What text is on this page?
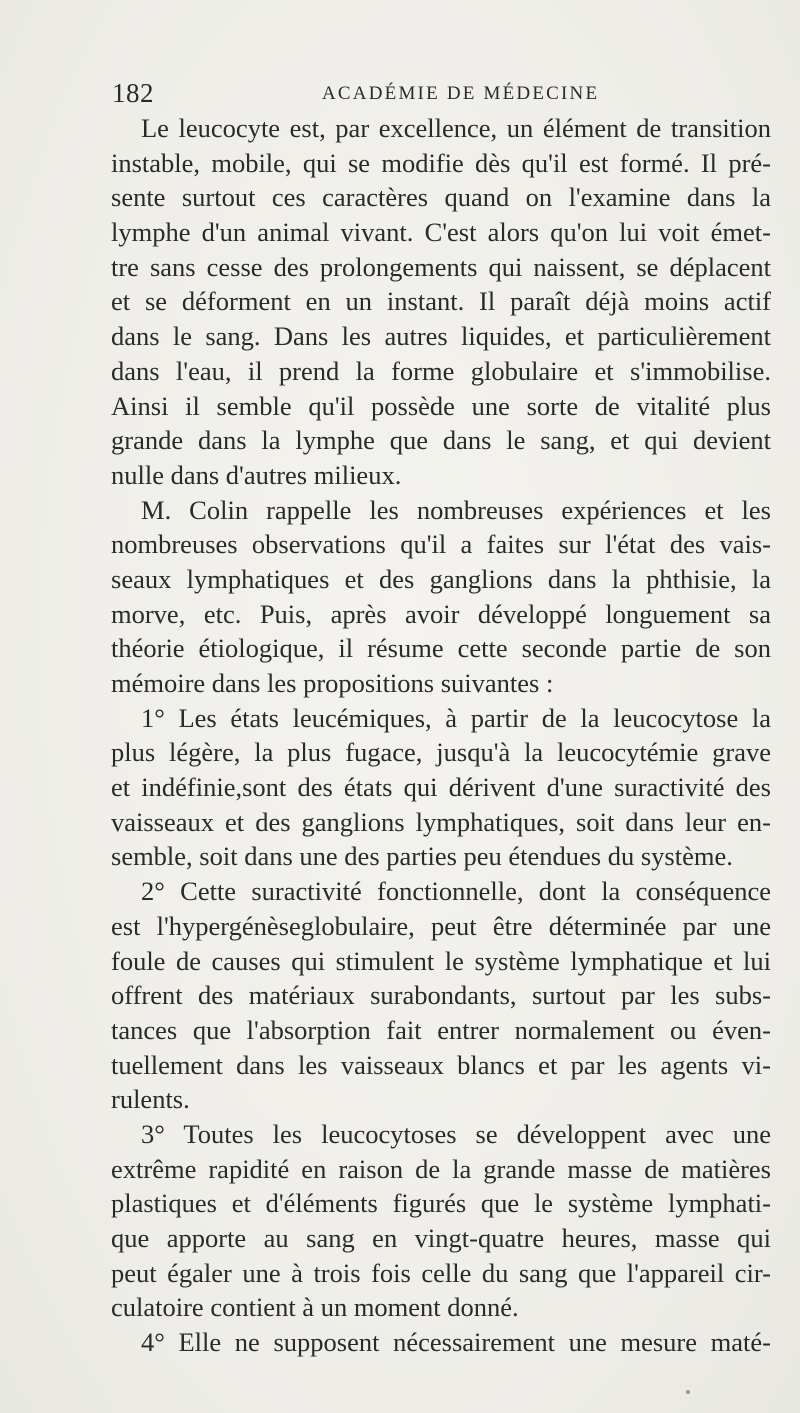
182	ACADÉMIE DE MÉDECINE
Le leucocyte est, par excellence, un élément de transition
instable, mobile, qui se modifie dès qu'il est formé. Il pré-
sente surtout ces caractères quand on l'examine dans la
lymphe d'un animal vivant. C'est alors qu'on lui voit émet-
tre sans cesse des prolongements qui naissent, se déplacent
et se déforment en un instant. Il paraît déjà moins actif
dans le sang. Dans les autres liquides, et particulièrement
dans l'eau, il prend la forme globulaire et s'immobilise.
Ainsi il semble qu'il possède une sorte de vitalité plus
grande dans la lymphe que dans le sang, et qui devient
nulle dans d'autres milieux.
M. Colin rappelle les nombreuses expériences et les
nombreuses observations qu'il a faites sur l'état des vais-
seaux lymphatiques et des ganglions dans la phthisie, la
morve, etc. Puis, après avoir développé longuement sa
théorie étiologique, il résume cette seconde partie de son
mémoire dans les propositions suivantes :
1° Les états leucémiques, à partir de la leucocytose la
plus légère, la plus fugace, jusqu'à la leucocytémie grave
et indéfinie,sont des états qui dérivent d'une suractivité des
vaisseaux et des ganglions lymphatiques, soit dans leur en-
semble, soit dans une des parties peu étendues du système.
2° Cette suractivité fonctionnelle, dont la conséquence
est l'hypergénèseglobulaire, peut être déterminée par une
foule de causes qui stimulent le système lymphatique et lui
offrent des matériaux surabondants, surtout par les subs-
tances que l'absorption fait entrer normalement ou éven-
tuellement dans les vaisseaux blancs et par les agents vi-
rulents.
3° Toutes les leucocytoses se développent avec une
extrême rapidité en raison de la grande masse de matières
plastiques et d'éléments figurés que le système lymphati-
que apporte au sang en vingt-quatre heures, masse qui
peut égaler une à trois fois celle du sang que l'appareil cir-
culatoire contient à un moment donné.
4° Elle ne supposent nécessairement une mesure maté-
